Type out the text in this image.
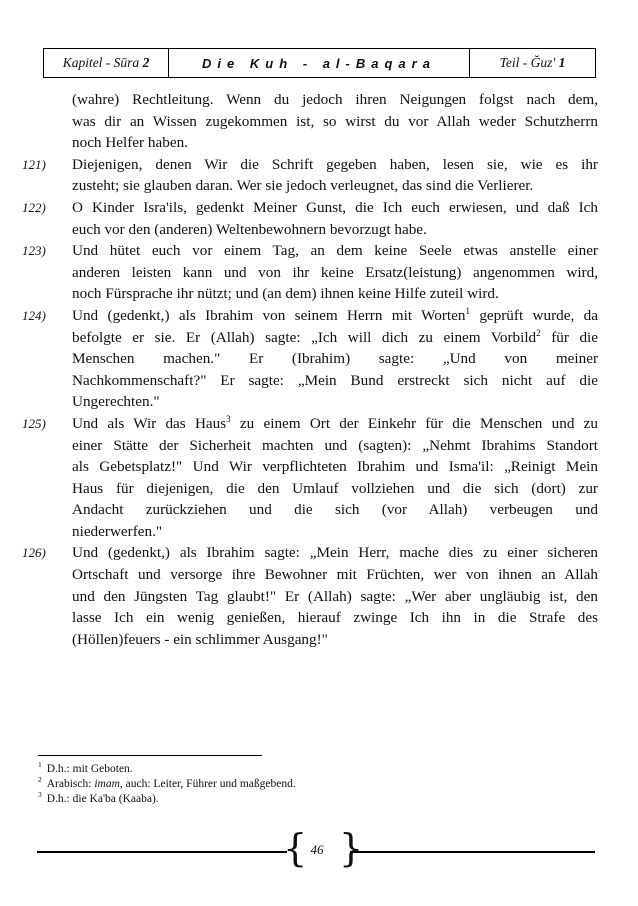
Kapitel - Sūra
2	Die Kuh - al-Baqara	Teil - Ğuz'
1
(wahre) Rechtleitung. Wenn du jedoch ihren Neigungen folgst nach dem,
was dir an Wissen zugekommen ist, so wirst du vor Allah weder Schutzherrn
noch Helfer haben.
121) Diejenigen, denen Wir die Schrift gegeben haben, lesen sie, wie es ihr
zusteht; sie glauben daran. Wer sie jedoch verleugnet, das sind die Verlierer.
122) O Kinder Isra'ils, gedenkt Meiner Gunst, die Ich euch erwiesen, und daß Ich
euch vor den (anderen) Weltenbewohnern bevorzugt habe.
123) Und hütet euch vor einem Tag, an dem keine Seele etwas anstelle einer
anderen leisten kann und von ihr keine Ersatz(leistung) angenommen wird,
noch Fürsprache ihr nützt; und (an dem) ihnen keine Hilfe zuteil wird.
124) Und (gedenkt,) als Ibrahim von seinem Herrn mit Worten$^1$ geprüft wurde, da
befolgte er sie. Er (Allah) sagte: „Ich will dich zu einem Vorbild$^2$ für die
Menschen machen." Er (Ibrahim) sagte: „Und von meiner
Nachkommenschaft?" Er sagte: „Mein Bund erstreckt sich nicht auf die
Ungerechten."
125) Und als Wir das Haus$^3$ zu einem Ort der Einkehr für die Menschen und zu
einer Stätte der Sicherheit machten und (sagten): „Nehmt Ibrahims Standort
als Gebetsplatz!" Und Wir verpflichteten Ibrahim und Isma'il: „Reinigt Mein
Haus für diejenigen, die den Umlauf vollziehen und die sich (dort) zur
Andacht zurückziehen und die sich (vor Allah) verbeugen und
niederwerfen."
126) Und (gedenkt,) als Ibrahim sagte: „Mein Herr, mache dies zu einer sicheren
Ortschaft und versorge ihre Bewohner mit Früchten, wer von ihnen an Allah
und den Jüngsten Tag glaubt!" Er (Allah) sagte: „Wer aber ungläubig ist, den
lasse Ich ein wenig genießen, hierauf zwinge Ich ihn in die Strafe des
(Höllen)feuers - ein schlimmer Ausgang!"
$^1$ D.h.: mit Geboten.
$^2$ Arabisch: imam, auch: Leiter, Führer und maßgebend.
$^3$ D.h.: die Ka'ba (Kaaba).
{ 46 }
